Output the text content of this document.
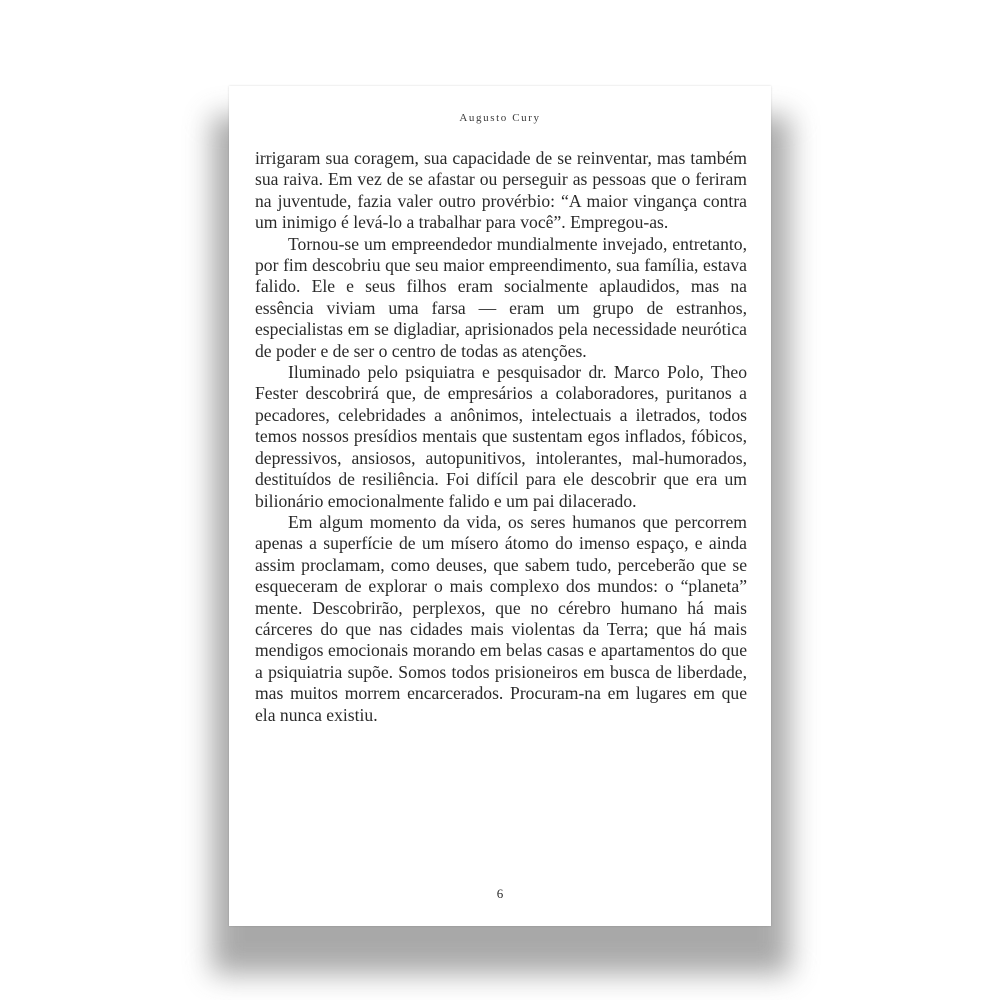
Augusto Cury

irrigaram sua coragem, sua capacidade de se reinventar, mas também sua raiva. Em vez de se afastar ou perseguir as pessoas que o feriram na juventude, fazia valer outro provérbio: “A maior vingança contra um inimigo é levá-lo a trabalhar para você”. Empregou-as.

Tornou-se um empreendedor mundialmente invejado, entretanto, por fim descobriu que seu maior empreendimento, sua família, estava falido. Ele e seus filhos eram socialmente aplaudidos, mas na essência viviam uma farsa — eram um grupo de estranhos, especialistas em se digladiar, aprisionados pela necessidade neurótica de poder e de ser o centro de todas as atenções.

Iluminado pelo psiquiatra e pesquisador dr. Marco Polo, Theo Fester descobrirá que, de empresários a colaboradores, puritanos a pecadores, celebridades a anônimos, intelectuais a iletrados, todos temos nossos presídios mentais que sustentam egos inflados, fóbicos, depressivos, ansiosos, autopunitivos, intolerantes, mal-humorados, destituídos de resiliência. Foi difícil para ele descobrir que era um bilionário emocionalmente falido e um pai dilacerado.

Em algum momento da vida, os seres humanos que percorrem apenas a superfície de um mísero átomo do imenso espaço, e ainda assim proclamam, como deuses, que sabem tudo, perceberão que se esqueceram de explorar o mais complexo dos mundos: o “planeta” mente. Descobrirão, perplexos, que no cérebro humano há mais cárceres do que nas cidades mais violentas da Terra; que há mais mendigos emocionais morando em belas casas e apartamentos do que a psiquiatria supõe. Somos todos prisioneiros em busca de liberdade, mas muitos morrem encarcerados. Procuram-na em lugares em que ela nunca existiu.

6
